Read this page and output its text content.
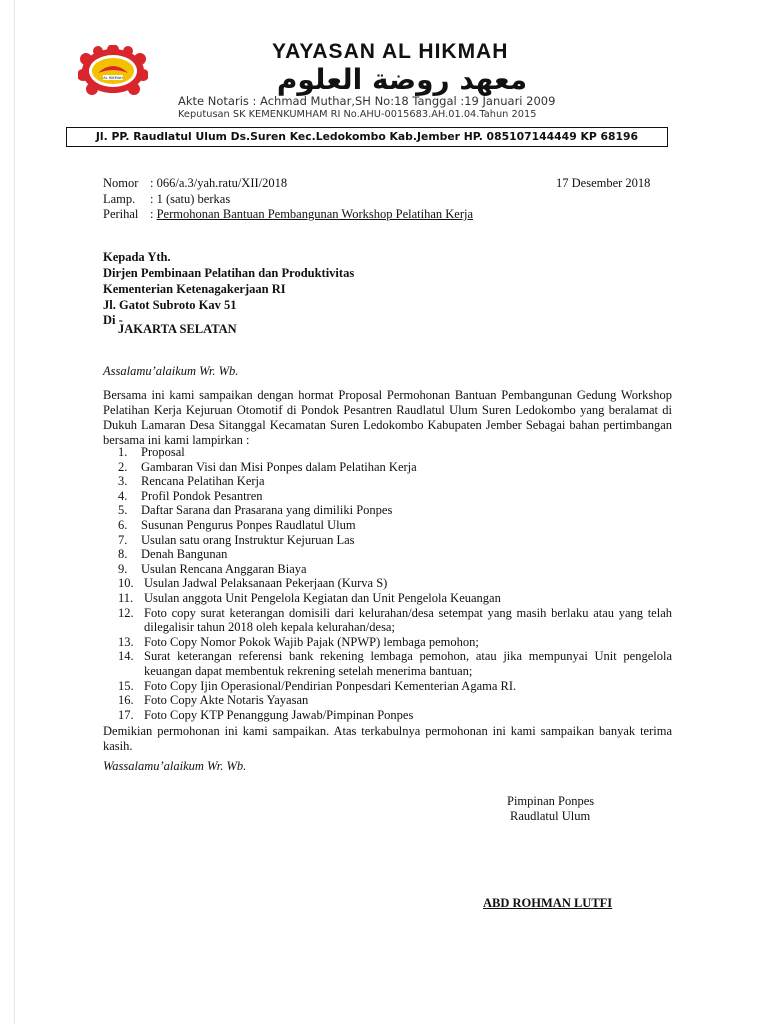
AL HIKMAH
YAYASAN AL HIKMAH
معهد روضة العلوم
Akte Notaris : Achmad Muthar,SH No:18 Tanggal :19 Januari 2009
Keputusan SK KEMENKUMHAM RI No.AHU-0015683.AH.01.04.Tahun 2015
Jl. PP. Raudlatul Ulum Ds.Suren Kec.Ledokombo Kab.Jember HP. 085107144449 KP 68196
Nomor : 066/a.3/yah.ratu/XII/2018	17 Desember 2018
Lamp. : 1 (satu) berkas
Perihal : Permohonan Bantuan Pembangunan Workshop Pelatihan Kerja
Kepada Yth.
Dirjen Pembinaan Pelatihan dan Produktivitas
Kementerian Ketenagakerjaan RI
Jl. Gatot Subroto Kav 51
Di -
JAKARTA SELATAN
Assalamu’alaikum Wr. Wb.
Bersama ini kami sampaikan dengan hormat Proposal Permohonan Bantuan Pembangunan Gedung Workshop Pelatihan Kerja Kejuruan Otomotif di Pondok Pesantren Raudlatul Ulum Suren Ledokombo yang beralamat di Dukuh Lamaran Desa Sitanggal Kecamatan Suren Ledokombo Kabupaten Jember Sebagai bahan pertimbangan bersama ini kami lampirkan :
1. Proposal
2. Gambaran Visi dan Misi Ponpes dalam Pelatihan Kerja
3. Rencana Pelatihan Kerja
4. Profil Pondok Pesantren
5. Daftar Sarana dan Prasarana yang dimiliki Ponpes
6. Susunan Pengurus Ponpes Raudlatul Ulum
7. Usulan satu orang Instruktur Kejuruan Las
8. Denah Bangunan
9. Usulan Rencana Anggaran Biaya
10. Usulan Jadwal Pelaksanaan Pekerjaan (Kurva S)
11. Usulan anggota Unit Pengelola Kegiatan dan Unit Pengelola Keuangan
12. Foto copy surat keterangan domisili dari kelurahan/desa setempat yang masih berlaku atau yang telah dilegalisir tahun 2018 oleh kepala kelurahan/desa;
13. Foto Copy Nomor Pokok Wajib Pajak (NPWP) lembaga pemohon;
14. Surat keterangan referensi bank rekening lembaga pemohon, atau jika mempunyai Unit pengelola keuangan dapat membentuk rekrening setelah menerima bantuan;
15. Foto Copy Ijin Operasional/Pendirian Ponpesdari Kementerian Agama RI.
16. Foto Copy Akte Notaris Yayasan
17. Foto Copy KTP Penanggung Jawab/Pimpinan Ponpes
Demikian permohonan ini kami sampaikan. Atas terkabulnya permohonan ini kami sampaikan banyak terima kasih.
Wassalamu’alaikum Wr. Wb.
Pimpinan Ponpes
Raudlatul Ulum
ABD ROHMAN LUTFI
